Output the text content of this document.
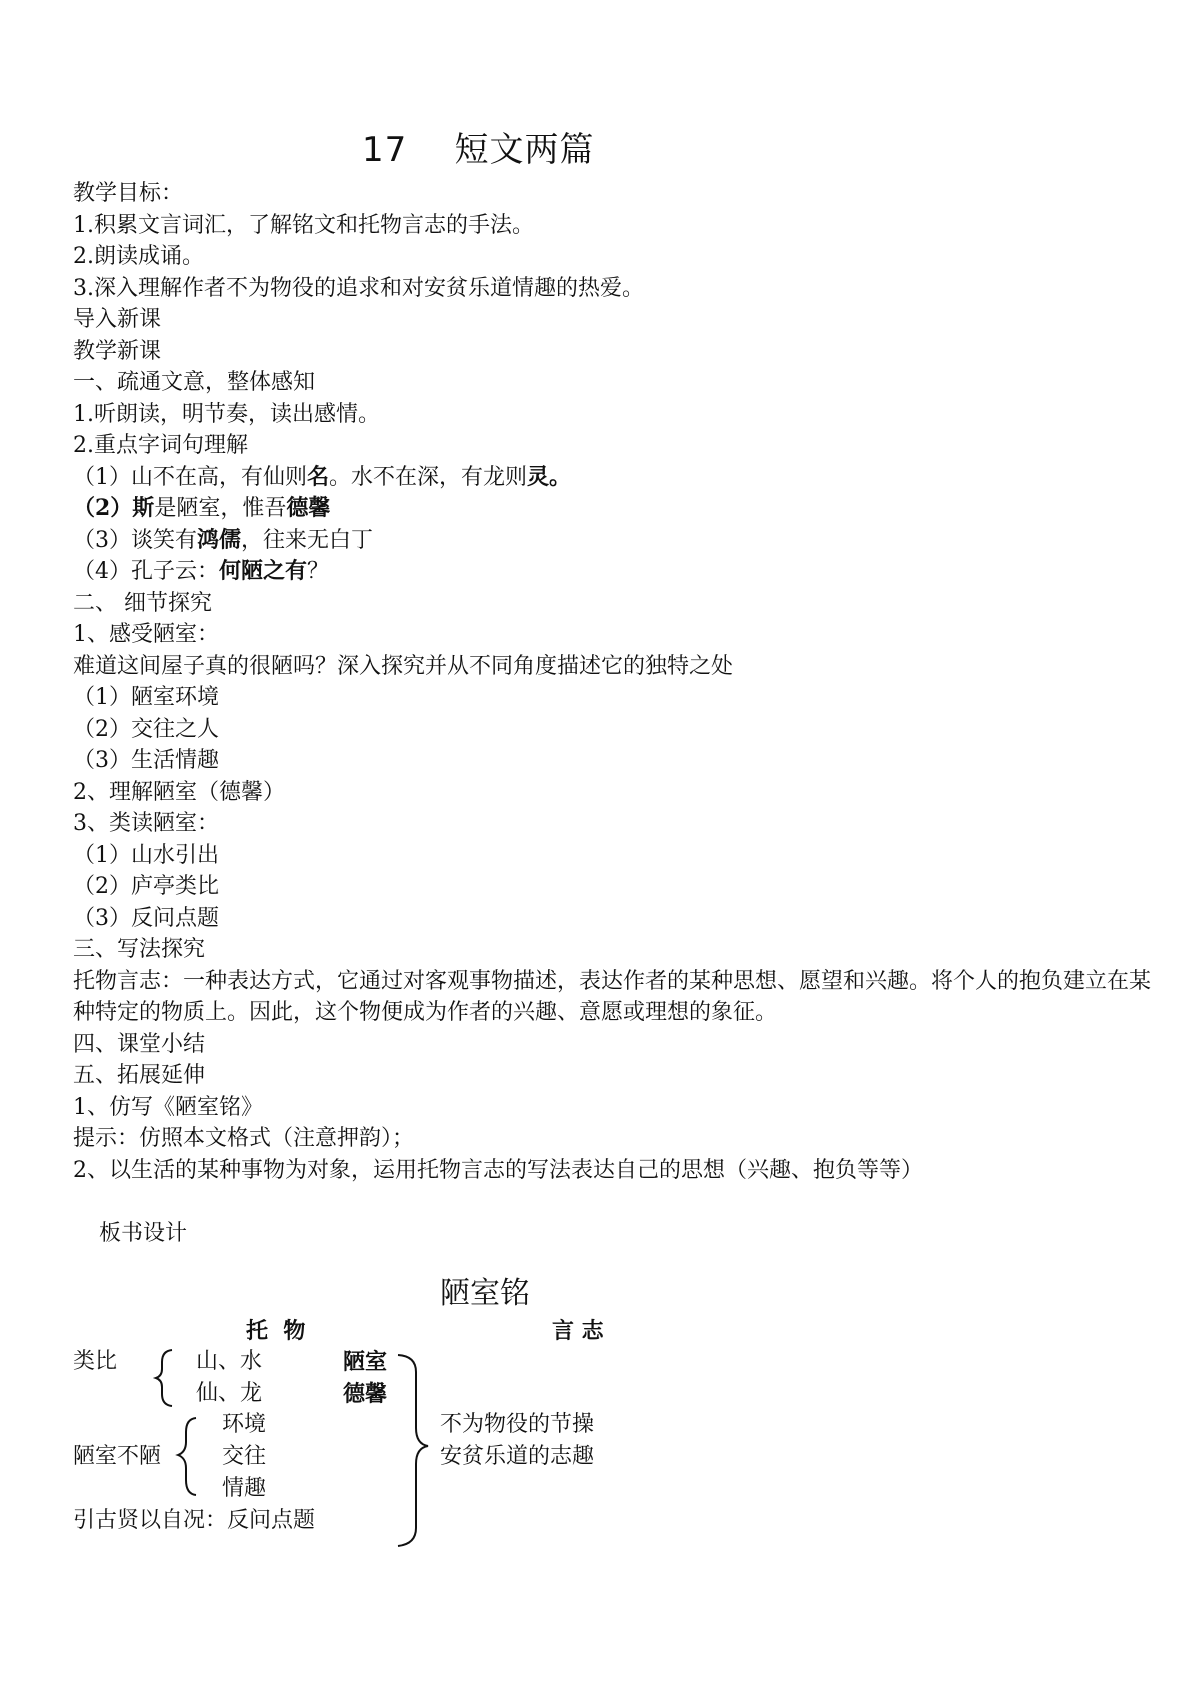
17    短文两篇
教学目标：
1.积累文言词汇，了解铭文和托物言志的手法。
2.朗读成诵。
3.深入理解作者不为物役的追求和对安贫乐道情趣的热爱。
导入新课
教学新课
一、疏通文意，整体感知
1.听朗读，明节奏，读出感情。
2.重点字词句理解
（1）山不在高，有仙则名。水不在深，有龙则灵。
（2）斯是陋室，惟吾德馨
（3）谈笑有鸿儒，往来无白丁
（4）孔子云：何陋之有？
二、 细节探究
1、感受陋室：
难道这间屋子真的很陋吗？深入探究并从不同角度描述它的独特之处
（1）陋室环境
（2）交往之人
（3）生活情趣
2、理解陋室（德馨）
3、类读陋室：
（1）山水引出
（2）庐亭类比
（3）反问点题
三、写法探究
托物言志：一种表达方式，它通过对客观事物描述，表达作者的某种思想、愿望和兴趣。将个人的抱负建立在某种特定的物质上。因此，这个物便成为作者的兴趣、意愿或理想的象征。
四、课堂小结
五、拓展延伸
1、仿写《陋室铭》
提示：仿照本文格式（注意押韵）；
2、以生活的某种事物为对象，运用托物言志的写法表达自己的思想（兴趣、抱负等等）
板书设计
陋室铭
托  物	言 志
类比	山、水
仙、龙
陋室
德馨
陋室不陋
环境
交往
情趣
引古贤以自况：反问点题
不为物役的节操
安贫乐道的志趣
